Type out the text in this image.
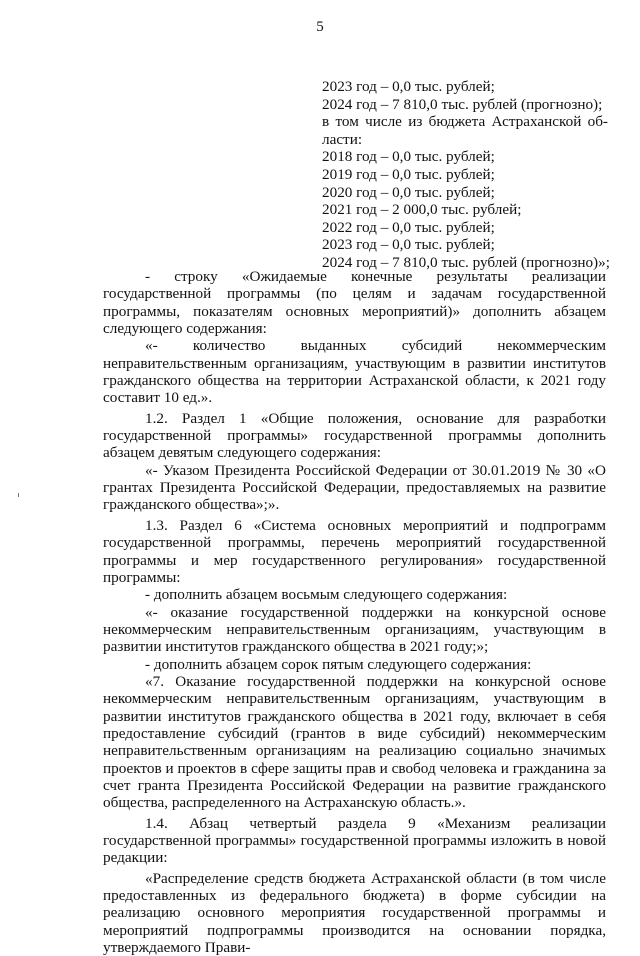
5
2023 год – 0,0 тыс. рублей;
2024 год – 7 810,0 тыс. рублей (прогнозно);
в том числе из бюджета Астраханской об-
ласти:
2018 год – 0,0 тыс. рублей;
2019 год – 0,0 тыс. рублей;
2020 год – 0,0 тыс. рублей;
2021 год – 2 000,0 тыс. рублей;
2022 год – 0,0 тыс. рублей;
2023 год – 0,0 тыс. рублей;
2024 год – 7 810,0 тыс. рублей (прогнозно)»;

- строку «Ожидаемые конечные результаты реализации государственной программы (по целям и задачам государственной программы, показателям основных мероприятий)» дополнить абзацем следующего содержания:

«- количество выданных субсидий некоммерческим неправительственным организациям, участвующим в развитии институтов гражданского общества на территории Астраханской области, к 2021 году составит 10 ед.».

1.2. Раздел 1 «Общие положения, основание для разработки государственной программы» государственной программы дополнить абзацем девятым следующего содержания:

«- Указом Президента Российской Федерации от 30.01.2019 № 30 «О грантах Президента Российской Федерации, предоставляемых на развитие гражданского общества»;».

1.3. Раздел 6 «Система основных мероприятий и подпрограмм государственной программы, перечень мероприятий государственной программы и мер государственного регулирования» государственной программы:

- дополнить абзацем восьмым следующего содержания:

«- оказание государственной поддержки на конкурсной основе некоммерческим неправительственным организациям, участвующим в развитии институтов гражданского общества в 2021 году;»;

- дополнить абзацем сорок пятым следующего содержания:

«7. Оказание государственной поддержки на конкурсной основе некоммерческим неправительственным организациям, участвующим в развитии институтов гражданского общества в 2021 году, включает в себя предоставление субсидий (грантов в виде субсидий) некоммерческим неправительственным организациям на реализацию социально значимых проектов и проектов в сфере защиты прав и свобод человека и гражданина за счет гранта Президента Российской Федерации на развитие гражданского общества, распределенного на Астраханскую область.».

1.4. Абзац четвертый раздела 9 «Механизм реализации государственной программы» государственной программы изложить в новой редакции:

«Распределение средств бюджета Астраханской области (в том числе предоставленных из федерального бюджета) в форме субсидии на реализацию основного мероприятия государственной программы и мероприятий подпрограммы производится на основании порядка, утверждаемого Прави-
